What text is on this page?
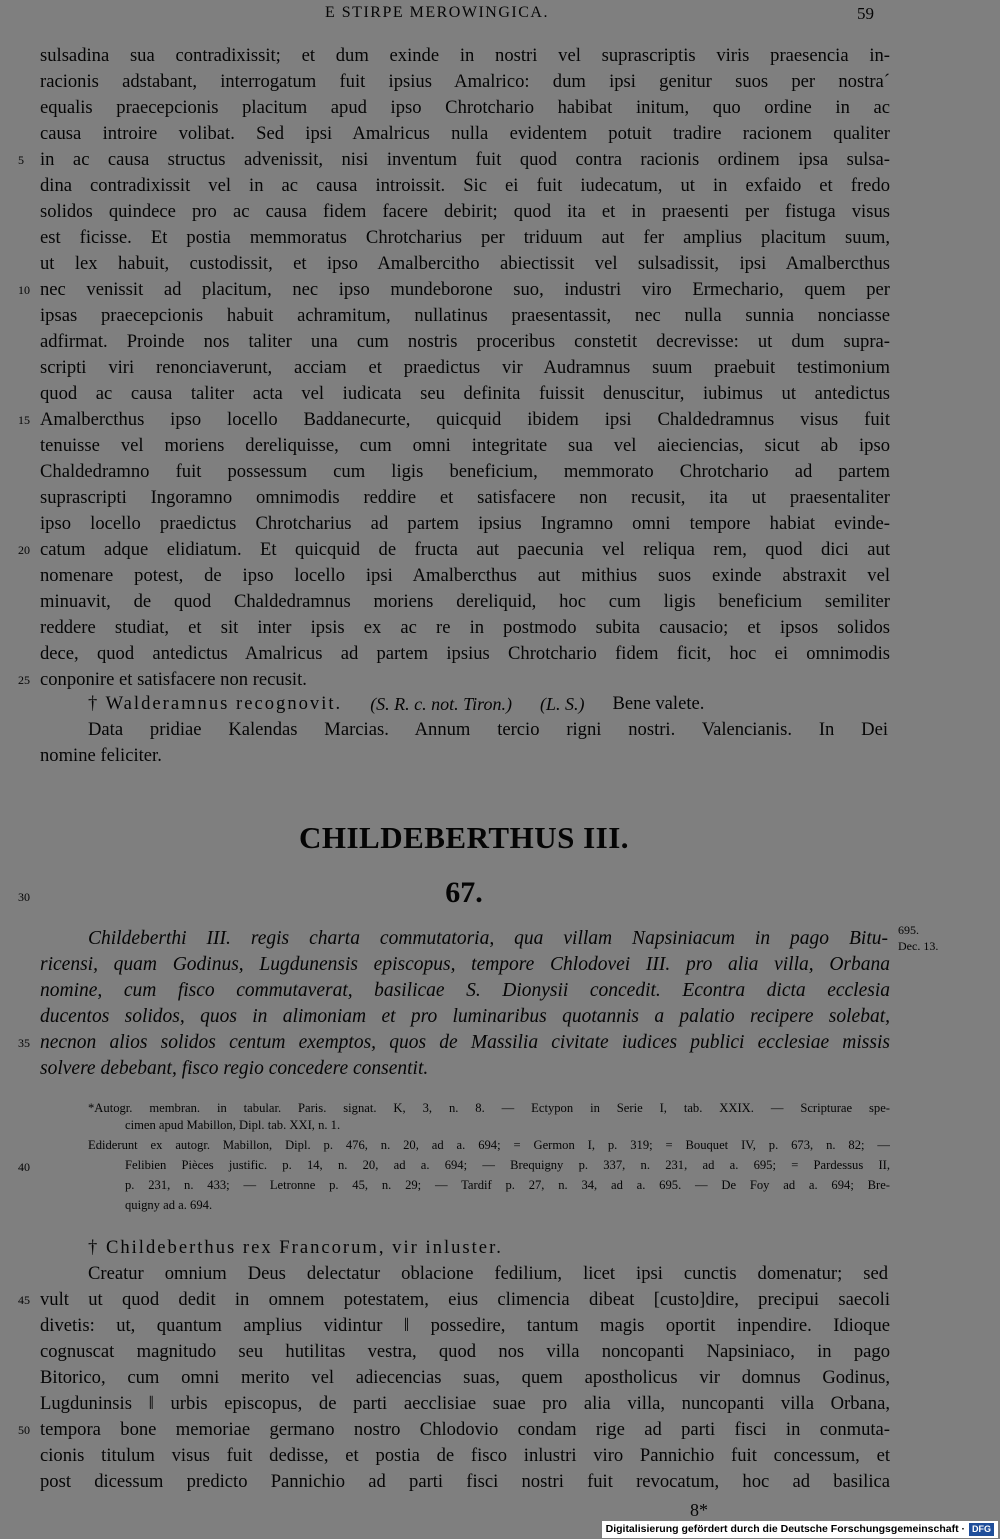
E STIRPE MEROWINGICA.	59
sulsadina sua contradixissit; et dum exinde in nostri vel suprascriptis viris praesencia in-
racionis adstabant, interrogatum fuit ipsius Amalrico: dum ipsi genitur suos per nostra´
equalis praecepcionis placitum apud ipso Chrotchario habibat initum, quo ordine in ac
causa introire volibat. Sed ipsi Amalricus nulla evidentem potuit tradire racionem qualiter
in ac causa structus advenissit, nisi inventum fuit quod contra racionis ordinem ipsa sulsa-
dina contradixissit vel in ac causa introissit. Sic ei fuit iudecatum, ut in exfaido et fredo
solidos quindece pro ac causa fidem facere debirit; quod ita et in praesenti per fistuga visus
est ficisse. Et postia memmoratus Chrotcharius per triduum aut fer amplius placitum suum,
ut lex habuit, custodissit, et ipso Amalbercitho abiectissit vel sulsadissit, ipsi Amalbercthus
nec venissit ad placitum, nec ipso mundeborone suo, industri viro Ermechario, quem per
ipsas praecepcionis habuit achramitum, nullatinus praesentassit, nec nulla sunnia nonciasse
adfirmat. Proinde nos taliter una cum nostris proceribus constetit decrevisse: ut dum supra-
scripti viri renonciaverunt, acciam et praedictus vir Audramnus suum praebuit testimonium
quod ac causa taliter acta vel iudicata seu definita fuissit denuscitur, iubimus ut antedictus
Amalbercthus ipso locello Baddanecurte, quicquid ibidem ipsi Chaldedramnus visus fuit
tenuisse vel moriens dereliquisse, cum omni integritate sua vel aieciencias, sicut ab ipso
Chaldedramno fuit possessum cum ligis beneficium, memmorato Chrotchario ad partem
suprascripti Ingoramno omnimodis reddire et satisfacere non recusit, ita ut praesentaliter
ipso locello praedictus Chrotcharius ad partem ipsius Ingramno omni tempore habiat evinde-
catum adque elidiatum. Et quicquid de fructa aut paecunia vel reliqua rem, quod dici aut
nomenare potest, de ipso locello ipsi Amalbercthus aut mithius suos exinde abstraxit vel
minuavit, de quod Chaldedramnus moriens dereliquid, hoc cum ligis beneficium semiliter
reddere studiat, et sit inter ipsis ex ac re in postmodo subita causacio; et ipsos solidos
dece, quod antedictus Amalricus ad partem ipsius Chrotchario fidem ficit, hoc ei omnimodis
conponire et satisfacere non recusit.
5
10
15
20
25
† Walderamnus recognovit. (S. R. c. not. Tiron.) (L. S.) Bene valete.
Data pridiae Kalendas Marcias. Annum tercio rigni nostri. Valencianis. In Dei
nomine feliciter.
CHILDEBERTHUS III.
30	67.
Childeberthi III. regis charta commutatoria, qua villam Napsiniacum in pago Bitu-
ricensi, quam Godinus, Lugdunensis episcopus, tempore Chlodovei III. pro alia villa, Orbana
nomine, cum fisco commutaverat, basilicae S. Dionysii concedit. Econtra dicta ecclesia
ducentos solidos, quos in alimoniam et pro luminaribus quotannis a palatio recipere solebat,
necnon alios solidos centum exemptos, quos de Massilia civitate iudices publici ecclesiae missis
solvere debebant, fisco regio concedere consentit.
35
695.
Dec. 13.
*Autogr. membran. in tabular. Paris. signat. K, 3, n. 8. — Ectypon in Serie I, tab. XXIX. — Scripturae spe-
cimen apud Mabillon, Dipl. tab. XXI, n. 1.
Ediderunt ex autogr. Mabillon, Dipl. p. 476, n. 20, ad a. 694; = Germon I, p. 319; = Bouquet IV, p. 673, n. 82; —
Felibien Pièces justific. p. 14, n. 20, ad a. 694; — Brequigny p. 337, n. 231, ad a. 695; = Pardessus II,
p. 231, n. 433; — Letronne p. 45, n. 29; — Tardif p. 27, n. 34, ad a. 695. — De Foy ad a. 694; Bre-
quigny ad a. 694.
40
† Childeberthus rex Francorum, vir inluster.
Creatur omnium Deus delectatur oblacione fedilium, licet ipsi cunctis domenatur; sed
vult ut quod dedit in omnem potestatem, eius climencia dibeat [custo]dire, precipui saecoli
divetis: ut, quantum amplius vidintur ‖ possedire, tantum magis oportit inpendire. Idioque
cognuscat magnitudo seu hutilitas vestra, quod nos villa noncopanti Napsiniaco, in pago
Bitorico, cum omni merito vel adiecencias suas, quem apostholicus vir domnus Godinus,
Lugduninsis ‖ urbis episcopus, de parti aecclisiae suae pro alia villa, nuncopanti villa Orbana,
tempora bone memoriae germano nostro Chlodovio condam rige ad parti fisci in conmuta-
cionis titulum visus fuit dedisse, et postia de fisco inlustri viro Pannichio fuit concessum, et
post dicessum predicto Pannichio ad parti fisci nostri fuit revocatum, hoc ad basilica
45
50
8*
Digitalisierung gefördert durch die Deutsche Forschungsgemeinschaft · DFG
